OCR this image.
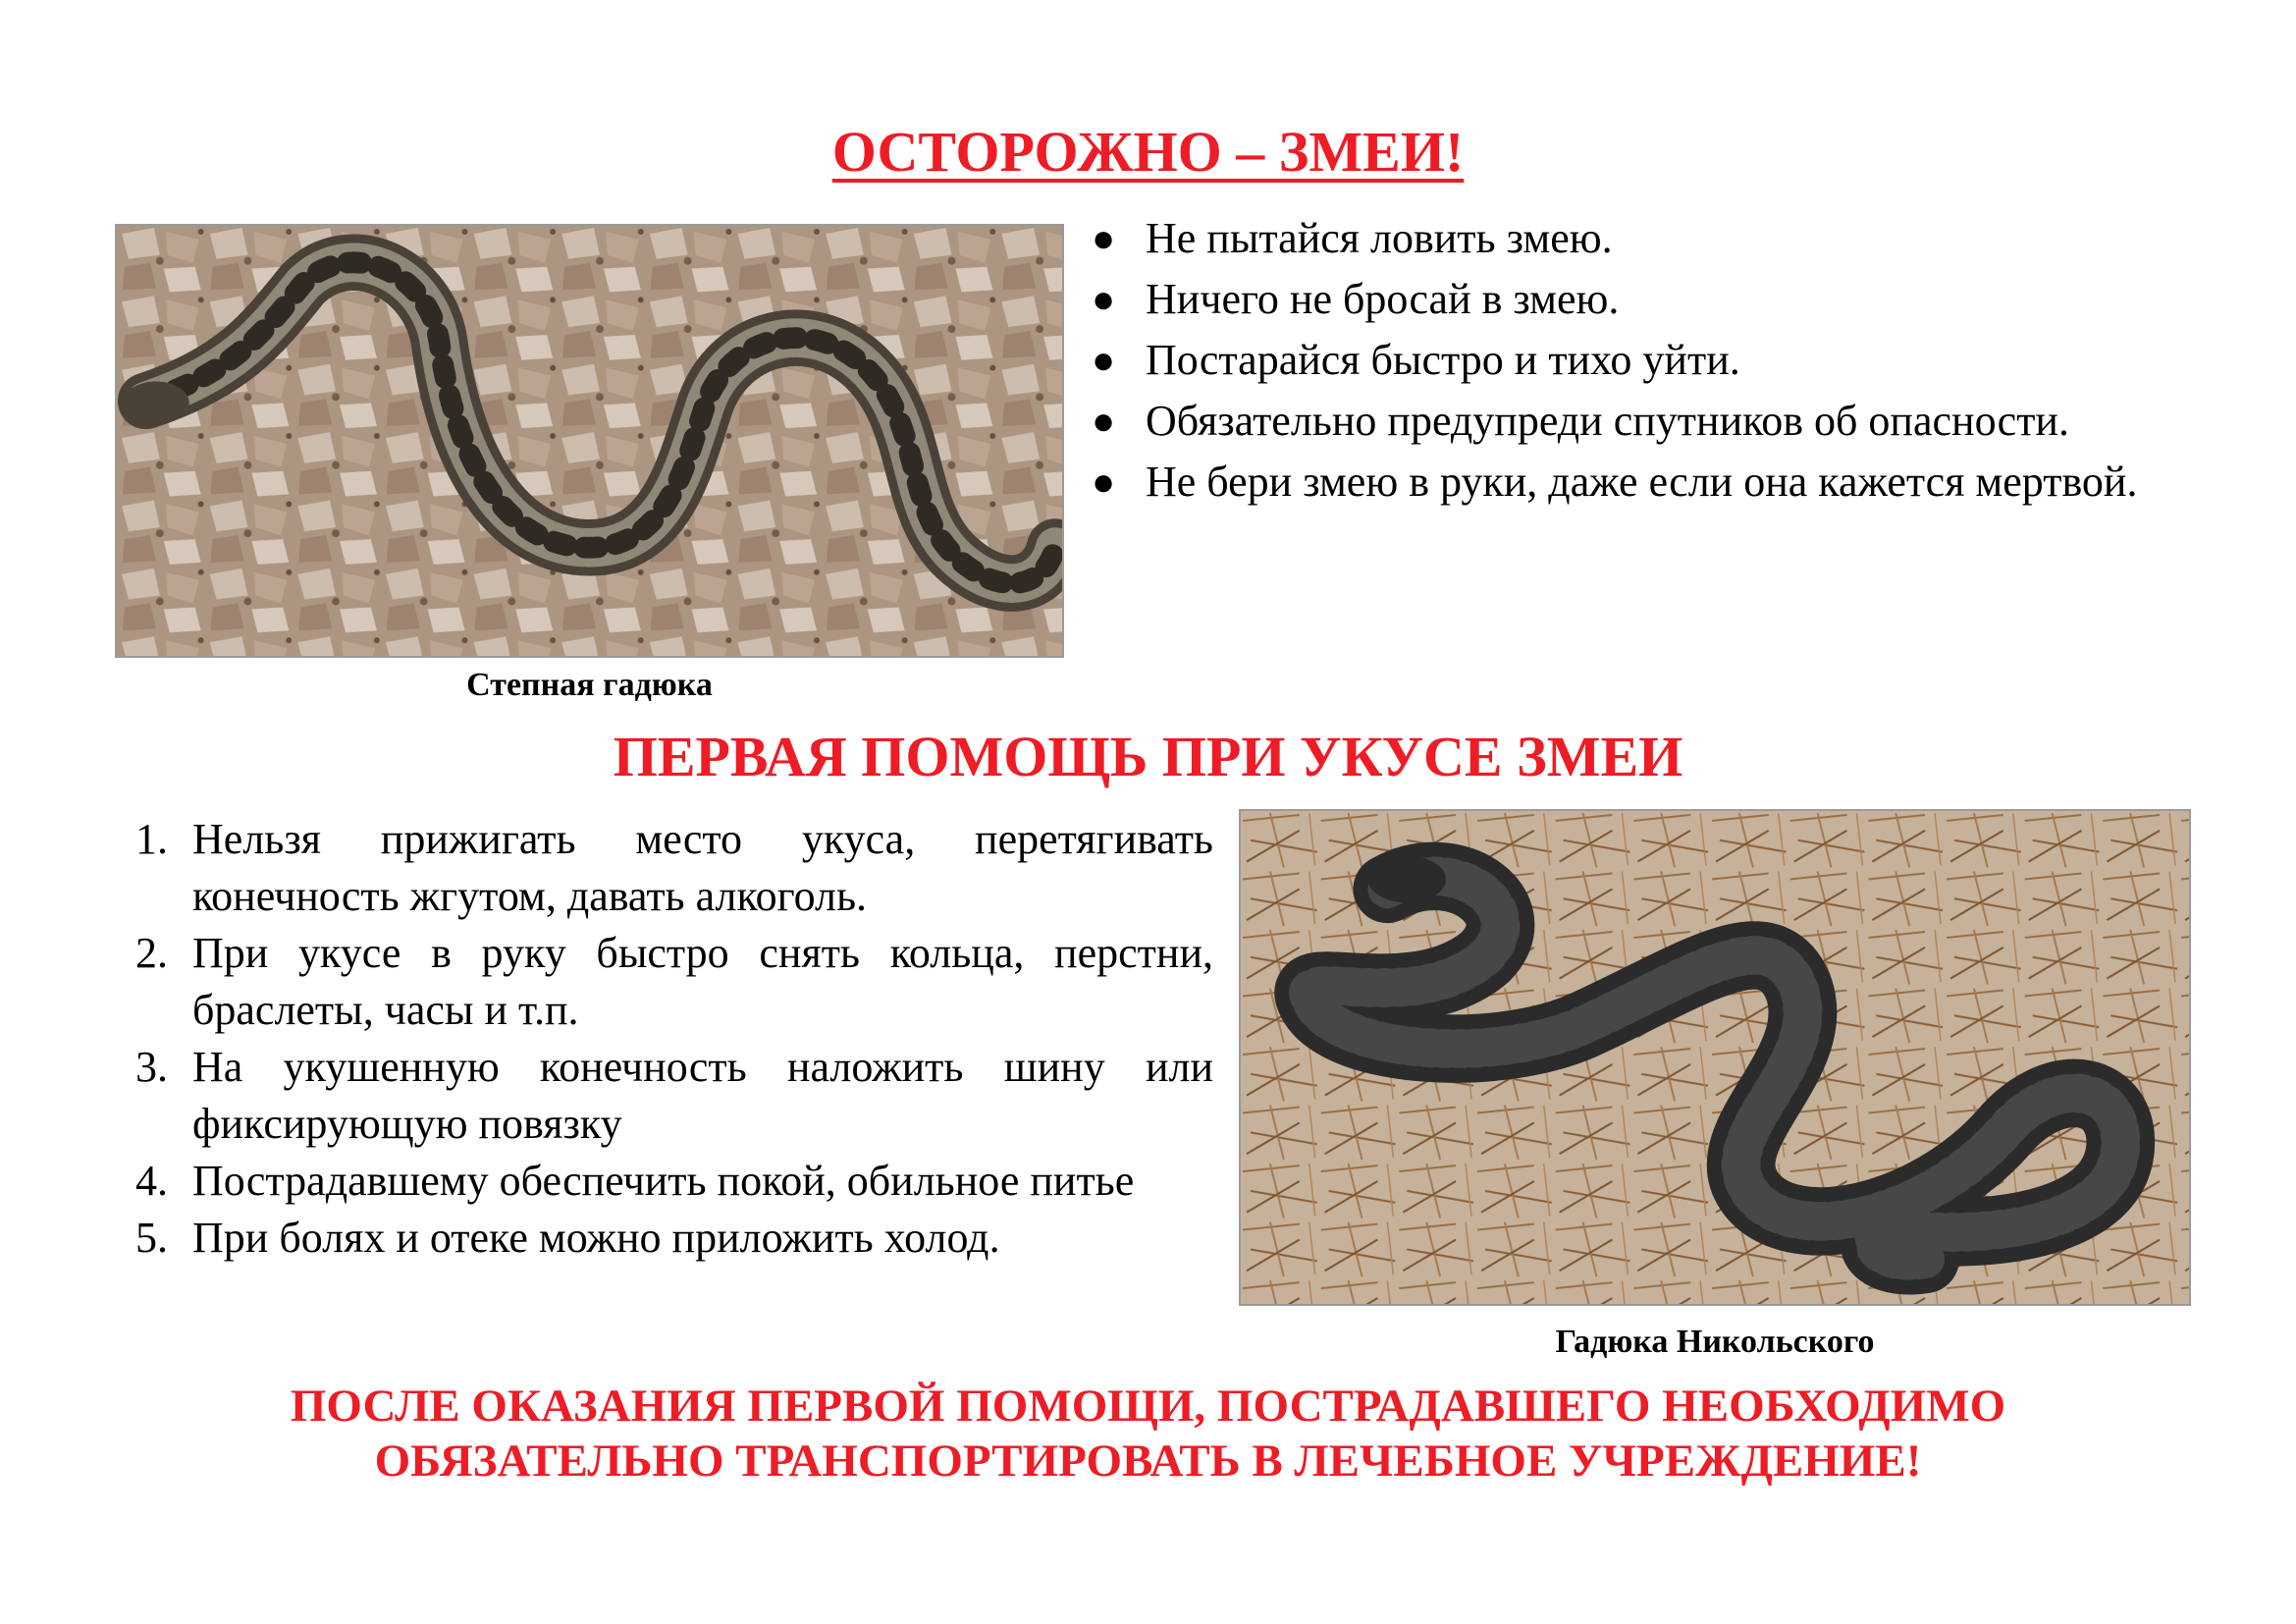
ОСТОРОЖНО – ЗМЕИ!
Степная гадюка
● Не пытайся ловить змею.
● Ничего не бросай в змею.
● Постарайся быстро и тихо уйти.
● Обязательно предупреди спутников об опасности.
● Не бери змею в руки, даже если она кажется мертвой.
ПЕРВАЯ ПОМОЩЬ ПРИ УКУСЕ ЗМЕИ
1. Нельзя прижигать место укуса, перетягивать конечность жгутом, давать алкоголь.
2. При укусе в руку быстро снять кольца, перстни, браслеты, часы и т.п.
3. На укушенную конечность наложить шину или фиксирующую повязку
4. Пострадавшему обеспечить покой, обильное питье
5. При болях и отеке можно приложить холод.
Гадюка Никольского
ПОСЛЕ ОКАЗАНИЯ ПЕРВОЙ ПОМОЩИ, ПОСТРАДАВШЕГО НЕОБХОДИМО
ОБЯЗАТЕЛЬНО ТРАНСПОРТИРОВАТЬ В ЛЕЧЕБНОЕ УЧРЕЖДЕНИЕ!
